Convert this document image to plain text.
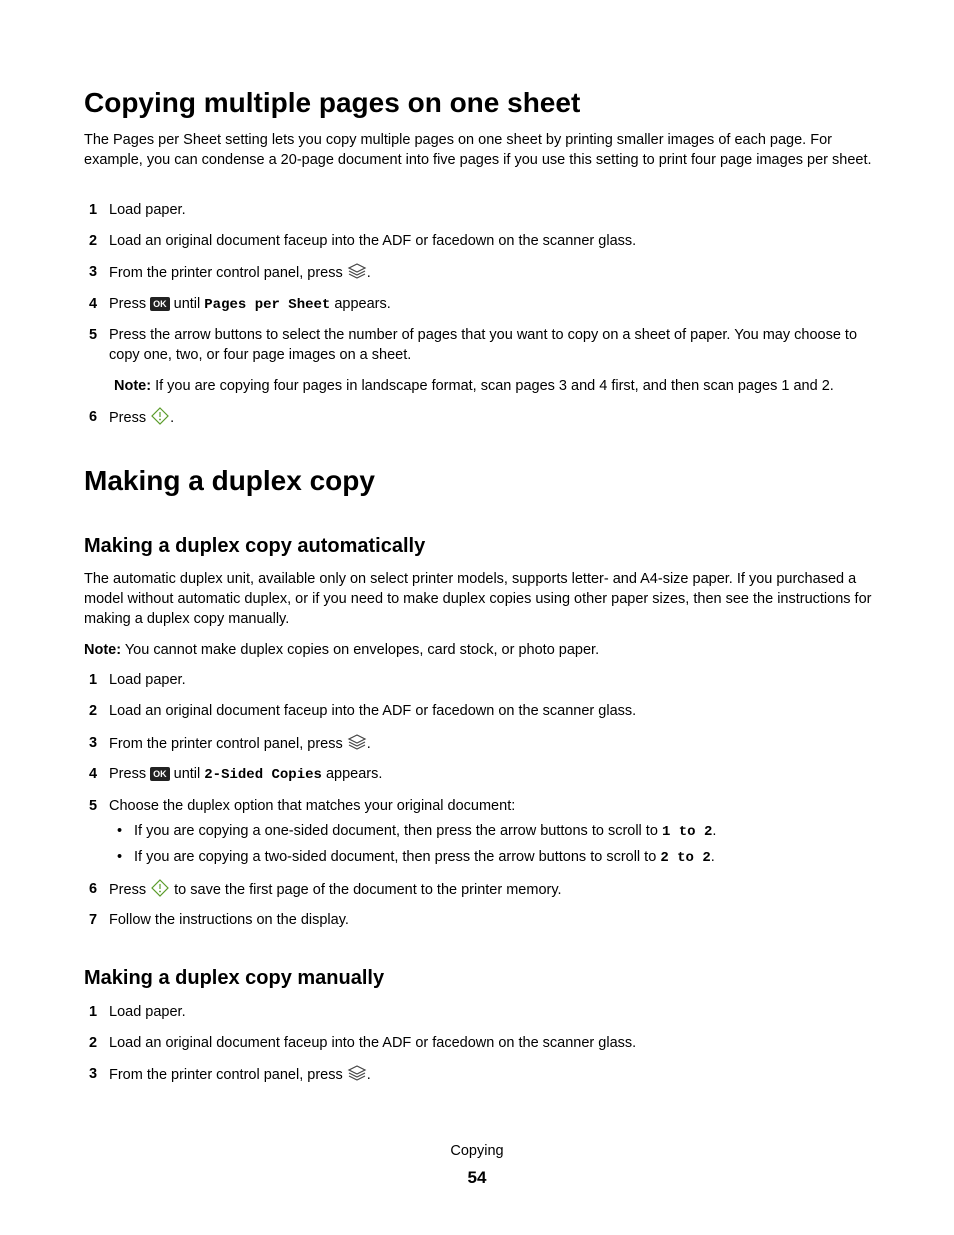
Copying multiple pages on one sheet

The Pages per Sheet setting lets you copy multiple pages on one sheet by printing smaller images of each page. For example, you can condense a 20-page document into five pages if you use this setting to print four page images per sheet.

1 Load paper.
2 Load an original document faceup into the ADF or facedown on the scanner glass.
3 From the printer control panel, press .
4 Press OK until Pages per Sheet appears.
5 Press the arrow buttons to select the number of pages that you want to copy on a sheet of paper. You may choose to copy one, two, or four page images on a sheet.
Note: If you are copying four pages in landscape format, scan pages 3 and 4 first, and then scan pages 1 and 2.
6 Press .
Making a duplex copy
Making a duplex copy automatically

The automatic duplex unit, available only on select printer models, supports letter- and A4-size paper. If you purchased a model without automatic duplex, or if you need to make duplex copies using other paper sizes, then see the instructions for making a duplex copy manually.

Note: You cannot make duplex copies on envelopes, card stock, or photo paper.
1 Load paper.
2 Load an original document faceup into the ADF or facedown on the scanner glass.
3 From the printer control panel, press .
4 Press OK until 2-Sided Copies appears.
5 Choose the duplex option that matches your original document:
• If you are copying a one-sided document, then press the arrow buttons to scroll to 1 to 2.
• If you are copying a two-sided document, then press the arrow buttons to scroll to 2 to 2.
6 Press to save the first page of the document to the printer memory.
7 Follow the instructions on the display.
Making a duplex copy manually
1 Load paper.
2 Load an original document faceup into the ADF or facedown on the scanner glass.
3 From the printer control panel, press .
Copying
54
